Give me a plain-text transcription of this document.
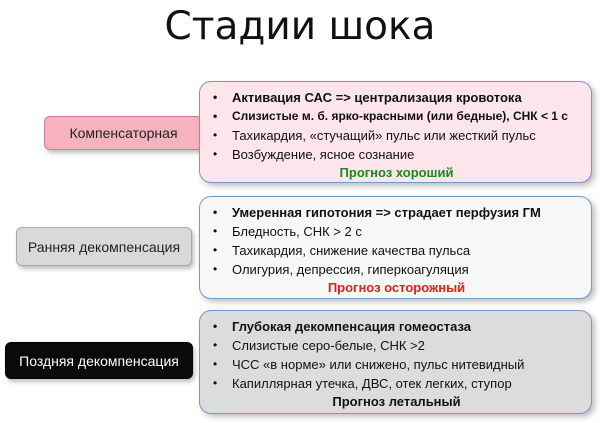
Стадии шока
Компенсаторная
• Активация САС => централизация кровотока
• Слизистые м. б. ярко-красными (или бедные), СНК < 1 с
• Тахикардия, «стучащий» пульс или жесткий пульс
• Возбуждение, ясное сознание
Прогноз хороший
Ранняя декомпенсация
• Умеренная гипотония => страдает перфузия ГМ
• Бледность, СНК > 2 с
• Тахикардия, снижение качества пульса
• Олигурия, депрессия, гиперкоагуляция
Прогноз осторожный
Поздняя декомпенсация
• Глубокая декомпенсация гомеостаза
• Слизистые серо-белые, СНК >2
• ЧСС «в норме» или снижено, пульс нитевидный
• Капиллярная утечка, ДВС, отек легких, ступор
Прогноз летальный
